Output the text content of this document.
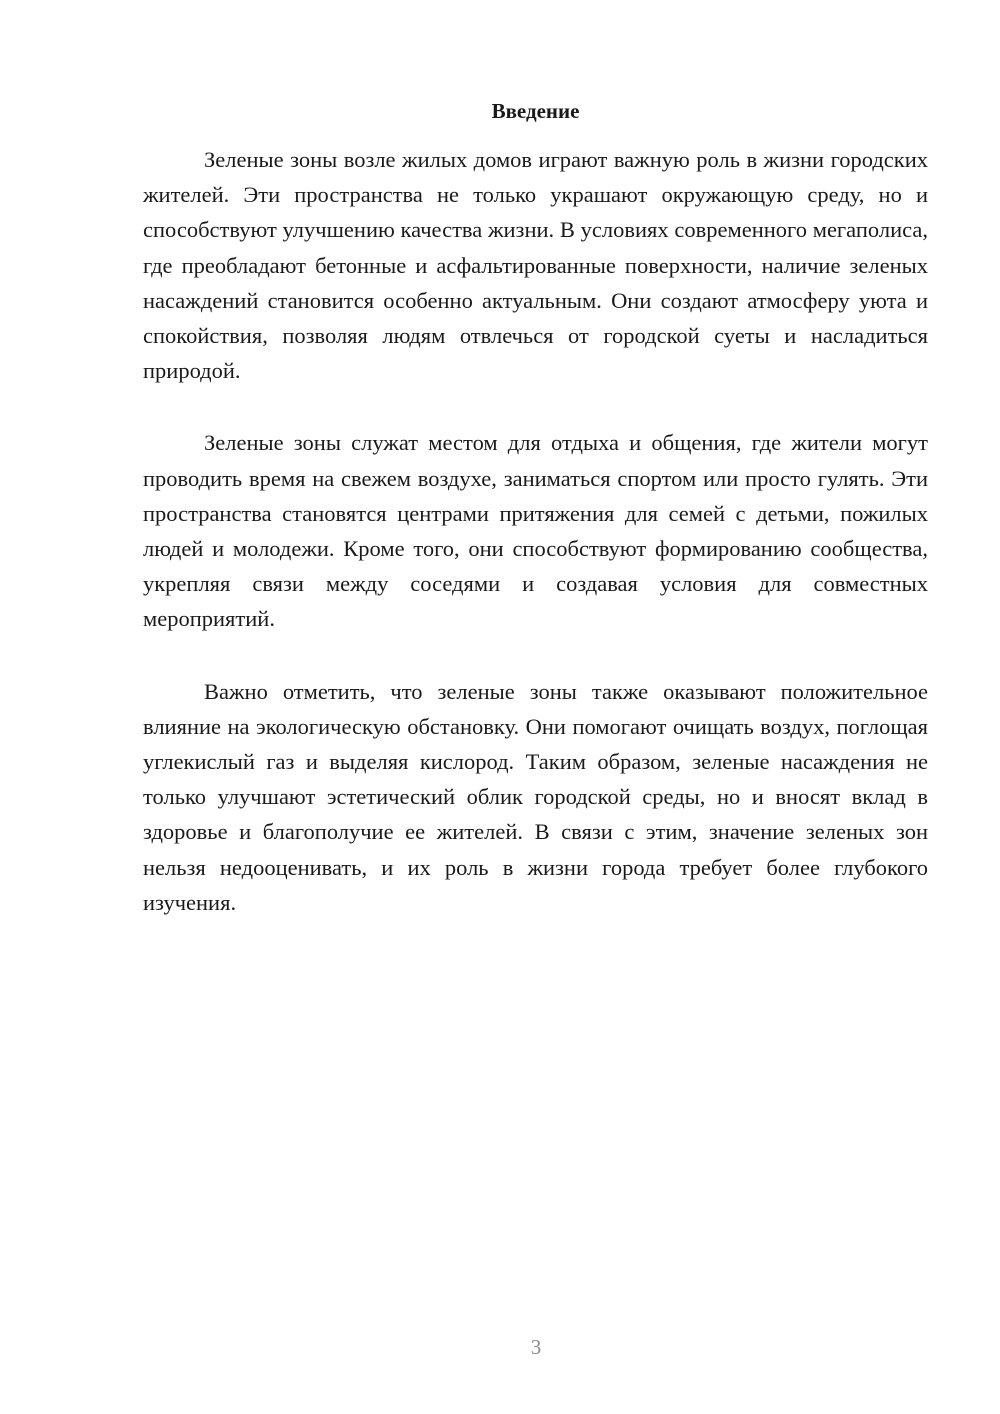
Введение

Зеленые зоны возле жилых домов играют важную роль в жизни городских жителей. Эти пространства не только украшают окружающую среду, но и способствуют улучшению качества жизни. В условиях современного мегаполиса, где преобладают бетонные и асфальтированные поверхности, наличие зеленых насаждений становится особенно актуальным. Они создают атмосферу уюта и спокойствия, позволяя людям отвлечься от городской суеты и насладиться природой.

Зеленые зоны служат местом для отдыха и общения, где жители могут проводить время на свежем воздухе, заниматься спортом или просто гулять. Эти пространства становятся центрами притяжения для семей с детьми, пожилых людей и молодежи. Кроме того, они способствуют формированию сообщества, укрепляя связи между соседями и создавая условия для совместных мероприятий.

Важно отметить, что зеленые зоны также оказывают положительное влияние на экологическую обстановку. Они помогают очищать воздух, поглощая углекислый газ и выделяя кислород. Таким образом, зеленые насаждения не только улучшают эстетический облик городской среды, но и вносят вклад в здоровье и благополучие ее жителей. В связи с этим, значение зеленых зон нельзя недооценивать, и их роль в жизни города требует более глубокого изучения.

3
